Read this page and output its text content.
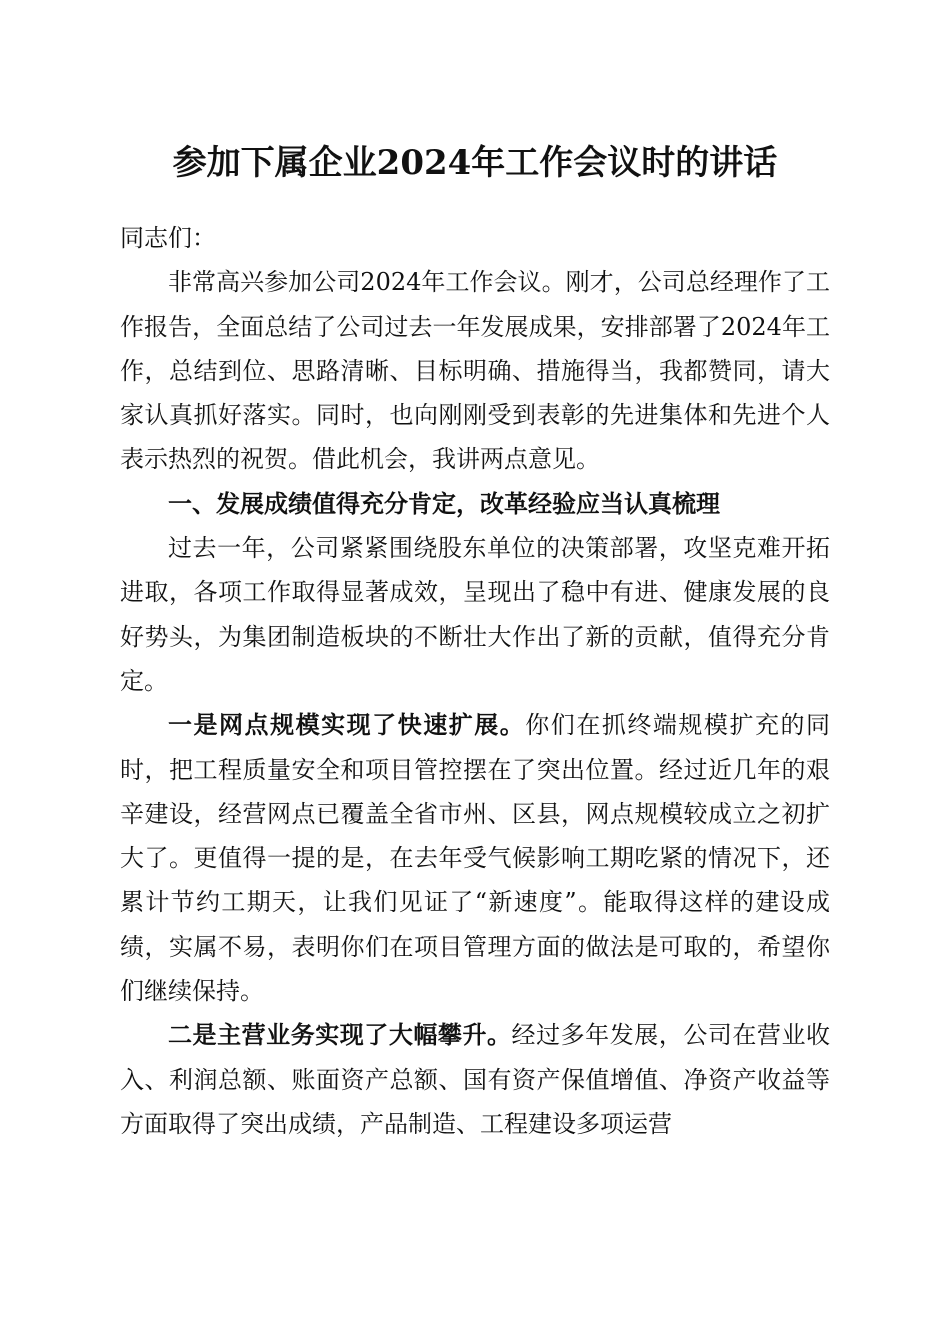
参加下属企业2024年工作会议时的讲话

同志们：

非常高兴参加公司2024年工作会议。刚才，公司总经理作了工作报告，全面总结了公司过去一年发展成果，安排部署了2024年工作，总结到位、思路清晰、目标明确、措施得当，我都赞同，请大家认真抓好落实。同时，也向刚刚受到表彰的先进集体和先进个人表示热烈的祝贺。借此机会，我讲两点意见。

一、发展成绩值得充分肯定，改革经验应当认真梳理

过去一年，公司紧紧围绕股东单位的决策部署，攻坚克难开拓进取，各项工作取得显著成效，呈现出了稳中有进、健康发展的良好势头，为集团制造板块的不断壮大作出了新的贡献，值得充分肯定。

一是网点规模实现了快速扩展。你们在抓终端规模扩充的同时，把工程质量安全和项目管控摆在了突出位置。经过近几年的艰辛建设，经营网点已覆盖全省市州、区县，网点规模较成立之初扩大了。更值得一提的是，在去年受气候影响工期吃紧的情况下，还累计节约工期天，让我们见证了“新速度”。能取得这样的建设成绩，实属不易，表明你们在项目管理方面的做法是可取的，希望你们继续保持。

二是主营业务实现了大幅攀升。经过多年发展，公司在营业收入、利润总额、账面资产总额、国有资产保值增值、净资产收益等方面取得了突出成绩，产品制造、工程建设多项运营
